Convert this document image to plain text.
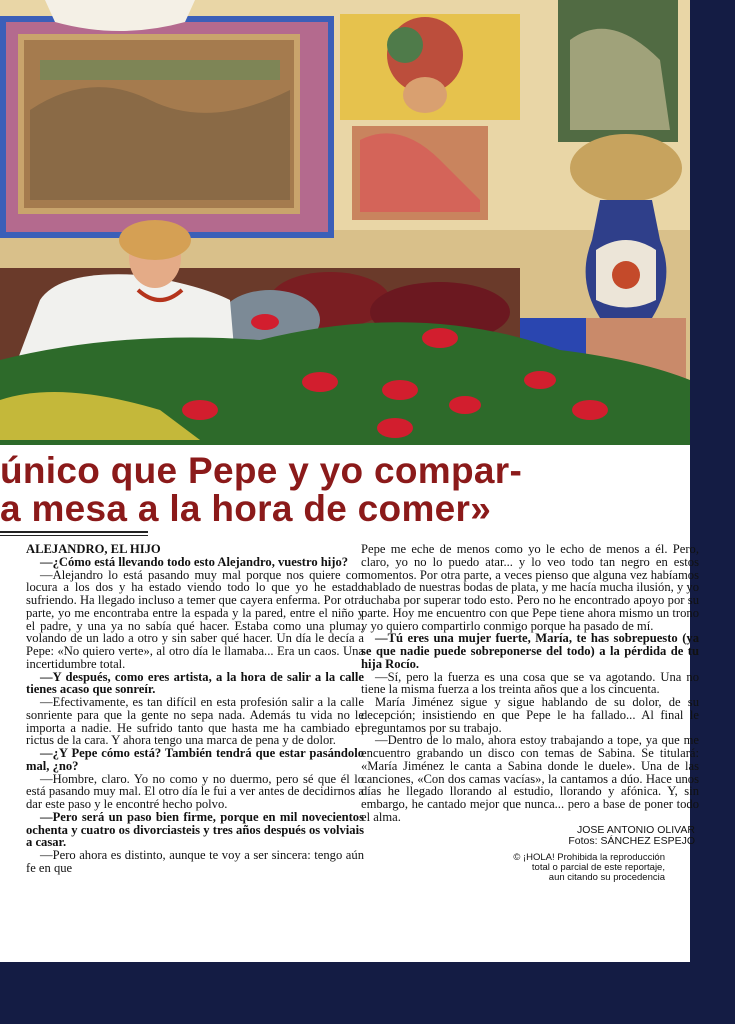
único que Pepe y yo compar-
a mesa a la hora de comer»

ALEJANDRO, EL HIJO

—¿Cómo está llevando todo esto Alejandro, vuestro hijo?

—Alejandro lo está pasando muy mal porque nos quiere con locura a los dos y ha estado viendo todo lo que yo he estado sufriendo. Ha llegado incluso a temer que cayera enferma. Por otra parte, yo me encontraba entre la espada y la pared, entre el niño y el padre, y una ya no sabía qué hacer. Estaba como una pluma, volando de un lado a otro y sin saber qué hacer. Un día le decía a Pepe: «No quiero verte», al otro día le llamaba... Era un caos. Una incertidumbre total.

—Y después, como eres artista, a la hora de salir a la calle tienes acaso que sonreír.

—Efectivamente, es tan difícil en esta profesión salir a la calle sonriente para que la gente no sepa nada. Además tu vida no le importa a nadie. He sufrido tanto que hasta me ha cambiado el rictus de la cara. Y ahora tengo una marca de pena y de dolor.

—¿Y Pepe cómo está? También tendrá que estar pasándolo mal, ¿no?

—Hombre, claro. Yo no como y no duermo, pero sé que él lo está pasando muy mal. El otro día le fui a ver antes de decidirnos a dar este paso y le encontré hecho polvo.

—Pero será un paso bien firme, porque en mil novecientos ochenta y cuatro os divorciasteis y tres años después os volviais a casar.

—Pero ahora es distinto, aunque te voy a ser sincera: tengo aún fe en que

Pepe me eche de menos como yo le echo de menos a él. Pero, claro, yo no lo puedo atar... y lo veo todo tan negro en estos momentos. Por otra parte, a veces pienso que alguna vez habíamos hablado de nuestras bodas de plata, y me hacía mucha ilusión, y yo luchaba por superar todo esto. Pero no he encontrado apoyo por su parte. Hoy me encuentro con que Pepe tiene ahora mismo un trono y yo quiero compartirlo conmigo porque ha pasado de mí.

—Tú eres una mujer fuerte, María, te has sobrepuesto (ya se que nadie puede sobreponerse del todo) a la pérdida de tu hija Rocío.

—Sí, pero la fuerza es una cosa que se va agotando. Una no tiene la misma fuerza a los treinta años que a los cincuenta.

María Jiménez sigue y sigue hablando de su dolor, de su decepción; insistiendo en que Pepe le ha fallado... Al final le preguntamos por su trabajo.

—Dentro de lo malo, ahora estoy trabajando a tope, ya que me encuentro grabando un disco con temas de Sabina. Se titulará: «María Jiménez le canta a Sabina donde le duele». Una de las canciones, «Con dos camas vacías», la cantamos a dúo. Hace unos días he llegado llorando al estudio, llorando y afónica. Y, sin embargo, he cantado mejor que nunca... pero a base de poner todo el alma.

JOSE ANTONIO OLIVAR
Fotos: SÁNCHEZ ESPEJO
© ¡HOLA! Prohibida la reproducción
total o parcial de este reportaje,
aun citando su procedencia
